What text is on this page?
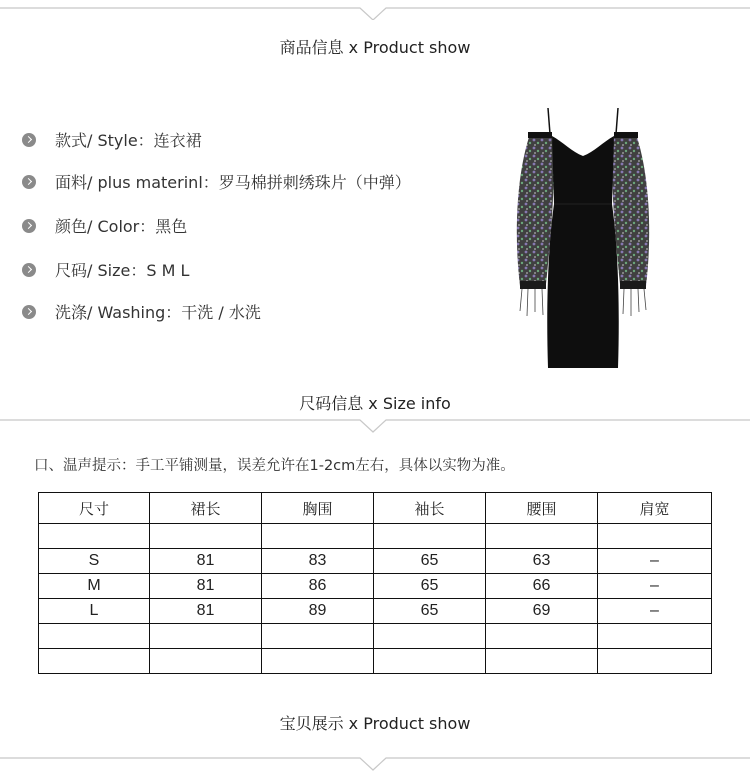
商品信息 x Product show
款式/ Style：连衣裙
面料/ plus materinl：罗马棉拼刺绣珠片（中弹）
颜色/ Color：黑色
尺码/ Size：S M L
洗涤/ Washing：干洗 / 水洗
尺码信息 x Size info
口、温声提示：手工平铺测量，误差允许在1-2cm左右，具体以实物为准。
尺寸	裙长	胸围	袖长	腰围	肩宽

S	81	83	65	63	–
M	81	86	65	66	–
L	81	89	65	69	–

宝贝展示 x Product show
